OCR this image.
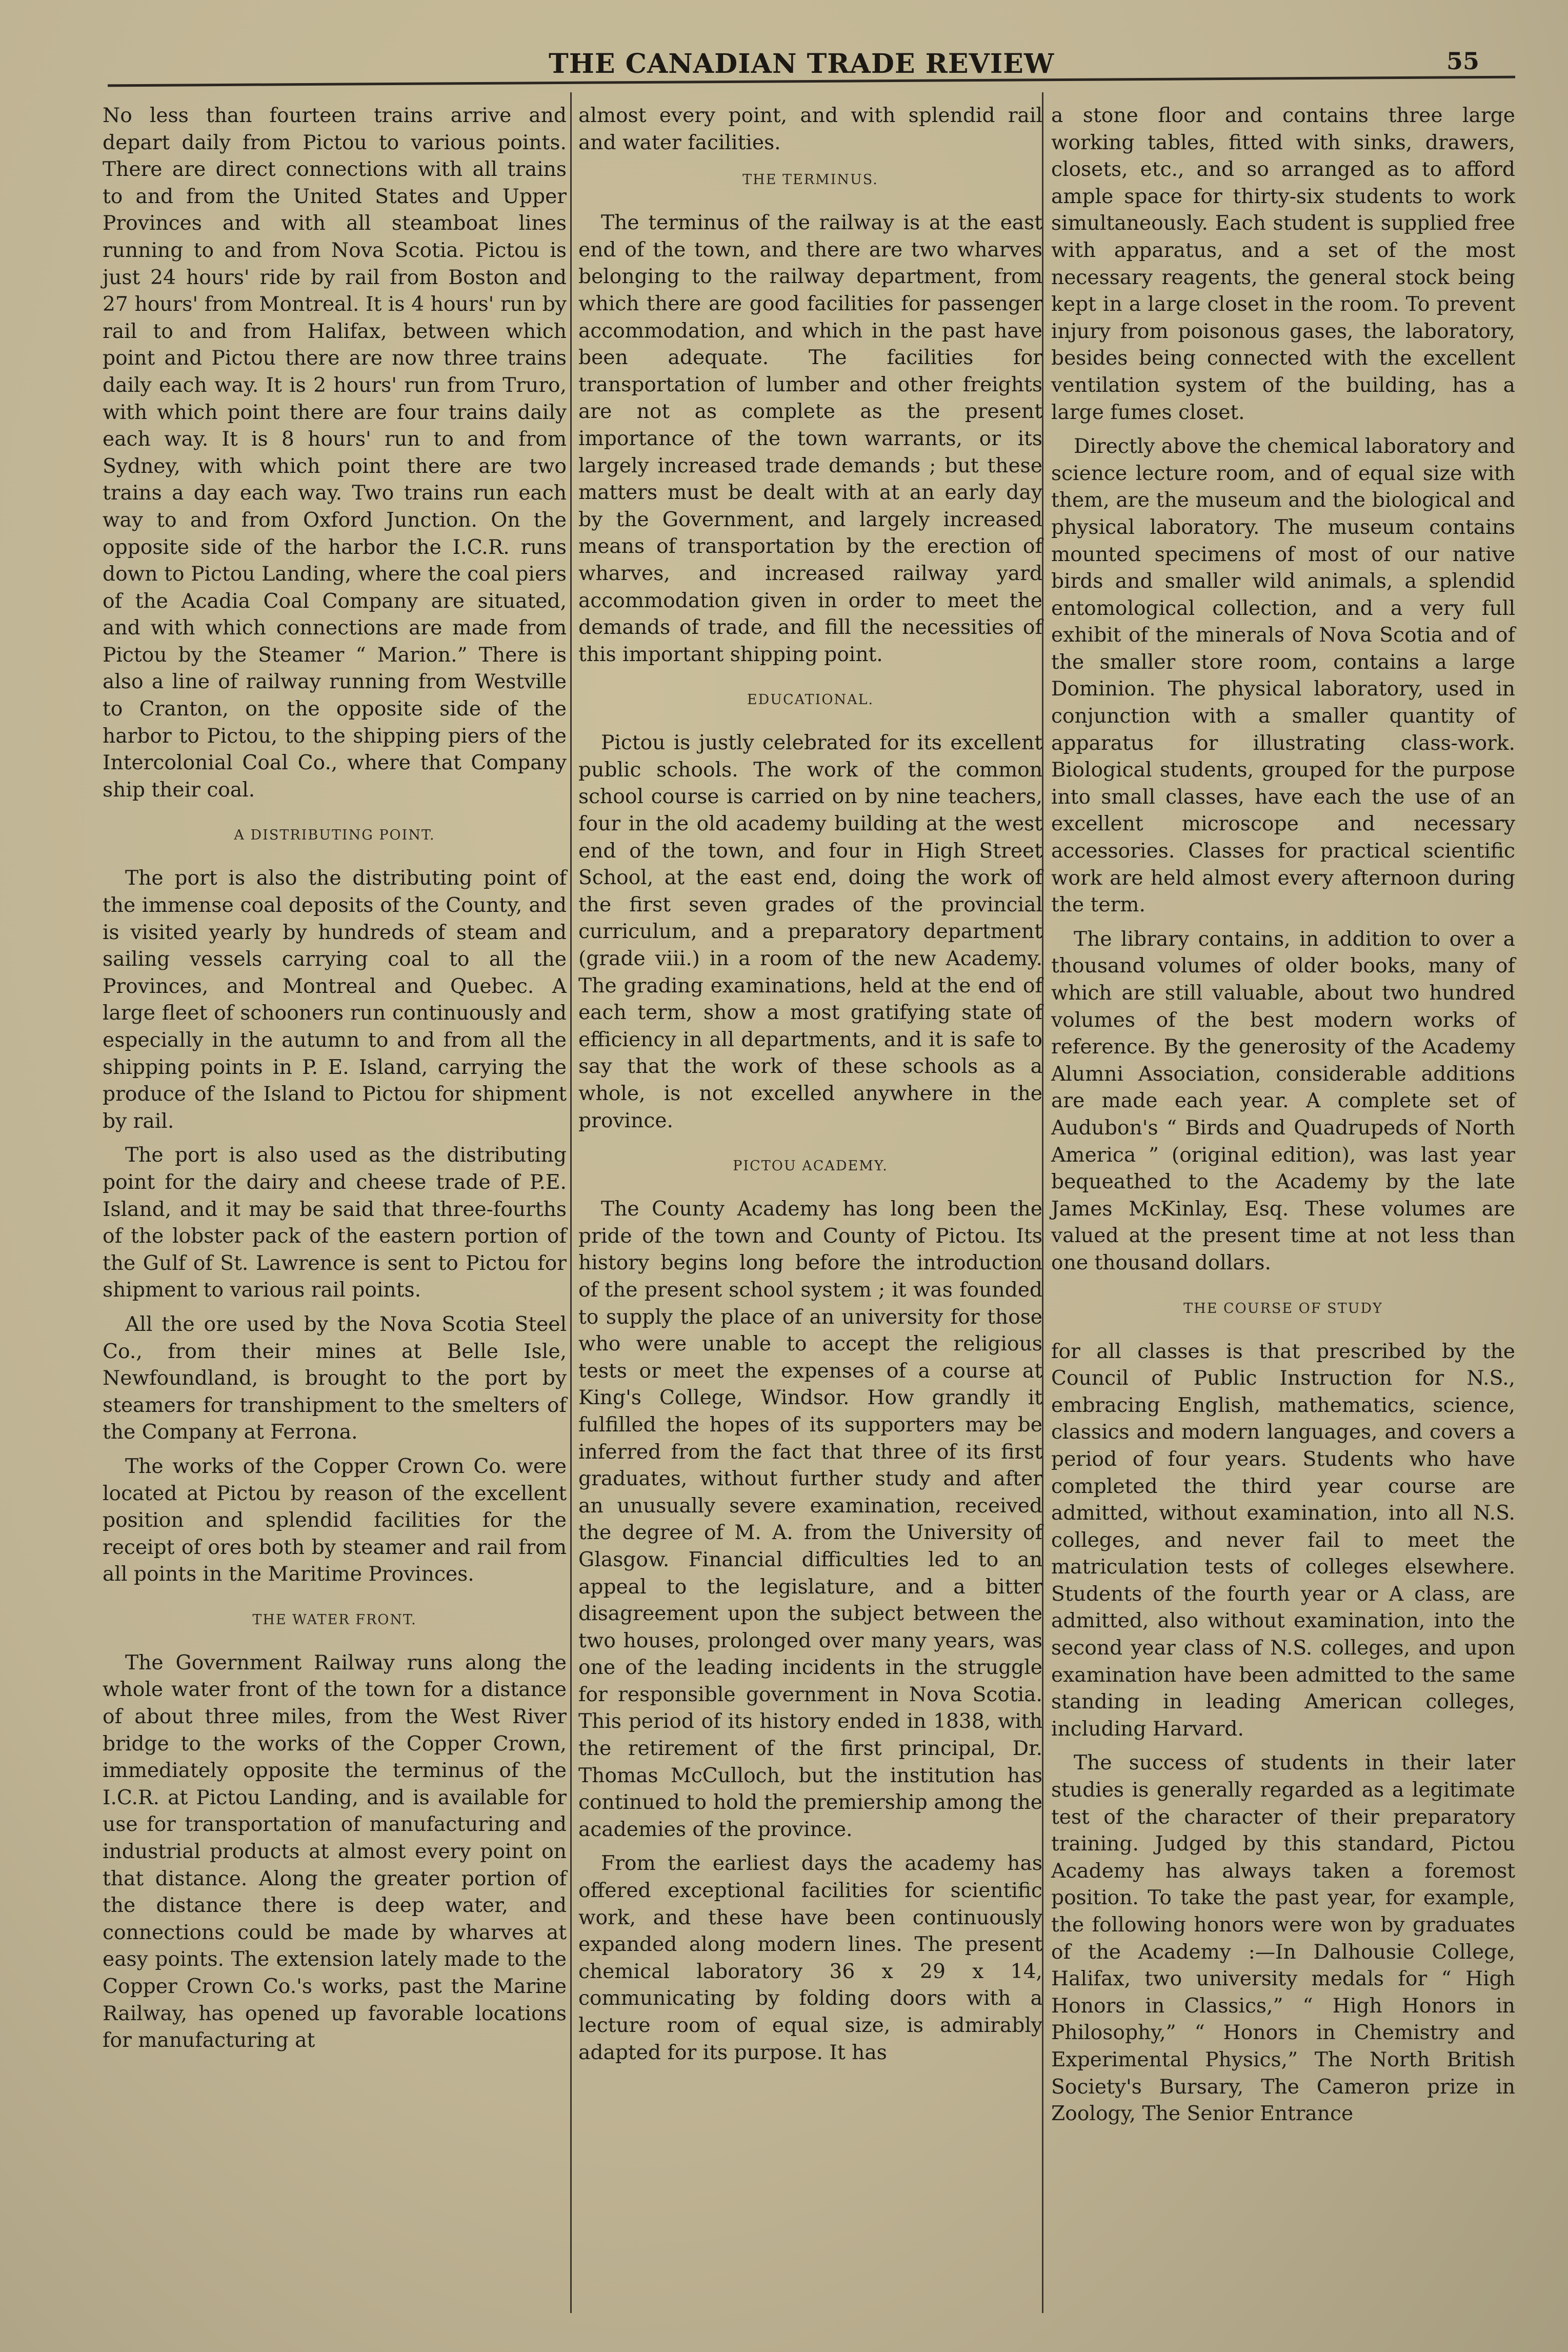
THE CANADIAN TRADE REVIEW	55

No less than fourteen trains arrive and depart daily from Pictou to various points. There are direct connections with all trains to and from the United States and Upper Provinces and with all steamboat lines running to and from Nova Scotia. Pictou is just 24 hours' ride by rail from Boston and 27 hours' from Montreal. It is 4 hours' run by rail to and from Halifax, between which point and Pictou there are now three trains daily each way. It is 2 hours' run from Truro, with which point there are four trains daily each way. It is 8 hours' run to and from Sydney, with which point there are two trains a day each way. Two trains run each way to and from Oxford Junction. On the opposite side of the harbor the I.C.R. runs down to Pictou Landing, where the coal piers of the Acadia Coal Company are situated, and with which connections are made from Pictou by the Steamer “ Marion.” There is also a line of railway running from Westville to Cranton, on the opposite side of the harbor to Pictou, to the shipping piers of the Intercolonial Coal Co., where that Company ship their coal.

A DISTRIBUTING POINT.

The port is also the distributing point of the immense coal deposits of the County, and is visited yearly by hundreds of steam and sailing vessels carrying coal to all the Provinces, and Montreal and Quebec. A large fleet of schooners run continuously and especially in the autumn to and from all the shipping points in P. E. Island, carrying the produce of the Island to Pictou for shipment by rail.

The port is also used as the distributing point for the dairy and cheese trade of P.E. Island, and it may be said that three-fourths of the lobster pack of the eastern portion of the Gulf of St. Lawrence is sent to Pictou for shipment to various rail points.

All the ore used by the Nova Scotia Steel Co., from their mines at Belle Isle, Newfoundland, is brought to the port by steamers for transhipment to the smelters of the Company at Ferrona.

The works of the Copper Crown Co. were located at Pictou by reason of the excellent position and splendid facilities for the receipt of ores both by steamer and rail from all points in the Maritime Provinces.

THE WATER FRONT.

The Government Railway runs along the whole water front of the town for a distance of about three miles, from the West River bridge to the works of the Copper Crown, immediately opposite the terminus of the I.C.R. at Pictou Landing, and is available for use for transportation of manufacturing and industrial products at almost every point on that distance. Along the greater portion of the distance there is deep water, and connections could be made by wharves at easy points. The extension lately made to the Copper Crown Co.'s works, past the Marine Railway, has opened up favorable locations for manufacturing at

almost every point, and with splendid rail and water facilities.

THE TERMINUS.

The terminus of the railway is at the east end of the town, and there are two wharves belonging to the railway department, from which there are good facilities for passenger accommodation, and which in the past have been adequate. The facilities for transportation of lumber and other freights are not as complete as the present importance of the town warrants, or its largely increased trade demands ; but these matters must be dealt with at an early day by the Government, and largely increased means of transportation by the erection of wharves, and increased railway yard accommodation given in order to meet the demands of trade, and fill the necessities of this important shipping point.

EDUCATIONAL.

Pictou is justly celebrated for its excellent public schools. The work of the common school course is carried on by nine teachers, four in the old academy building at the west end of the town, and four in High Street School, at the east end, doing the work of the first seven grades of the provincial curriculum, and a preparatory department (grade viii.) in a room of the new Academy. The grading examinations, held at the end of each term, show a most gratifying state of efficiency in all departments, and it is safe to say that the work of these schools as a whole, is not excelled anywhere in the province.

PICTOU ACADEMY.

The County Academy has long been the pride of the town and County of Pictou. Its history begins long before the introduction of the present school system ; it was founded to supply the place of an university for those who were unable to accept the religious tests or meet the expenses of a course at King's College, Windsor. How grandly it fulfilled the hopes of its supporters may be inferred from the fact that three of its first graduates, without further study and after an unusually severe examination, received the degree of M. A. from the University of Glasgow. Financial difficulties led to an appeal to the legislature, and a bitter disagreement upon the subject between the two houses, prolonged over many years, was one of the leading incidents in the struggle for responsible government in Nova Scotia. This period of its history ended in 1838, with the retirement of the first principal, Dr. Thomas McCulloch, but the institution has continued to hold the premiership among the academies of the province.

From the earliest days the academy has offered exceptional facilities for scientific work, and these have been continuously expanded along modern lines. The present chemical laboratory 36 x 29 x 14, communicating by folding doors with a lecture room of equal size, is admirably adapted for its purpose. It has

a stone floor and contains three large working tables, fitted with sinks, drawers, closets, etc., and so arranged as to afford ample space for thirty-six students to work simultaneously. Each student is supplied free with apparatus, and a set of the most necessary reagents, the general stock being kept in a large closet in the room. To prevent injury from poisonous gases, the laboratory, besides being connected with the excellent ventilation system of the building, has a large fumes closet.

Directly above the chemical laboratory and science lecture room, and of equal size with them, are the museum and the biological and physical laboratory. The museum contains mounted specimens of most of our native birds and smaller wild animals, a splendid entomological collection, and a very full exhibit of the minerals of Nova Scotia and of the smaller store room, contains a large Dominion. The physical laboratory, used in conjunction with a smaller quantity of apparatus for illustrating class-work. Biological students, grouped for the purpose into small classes, have each the use of an excellent microscope and necessary accessories. Classes for practical scientific work are held almost every afternoon during the term.

The library contains, in addition to over a thousand volumes of older books, many of which are still valuable, about two hundred volumes of the best modern works of reference. By the generosity of the Academy Alumni Association, considerable additions are made each year. A complete set of Audubon's “ Birds and Quadrupeds of North America ” (original edition), was last year bequeathed to the Academy by the late James McKinlay, Esq. These volumes are valued at the present time at not less than one thousand dollars.

THE COURSE OF STUDY

for all classes is that prescribed by the Council of Public Instruction for N.S., embracing English, mathematics, science, classics and modern languages, and covers a period of four years. Students who have completed the third year course are admitted, without examination, into all N.S. colleges, and never fail to meet the matriculation tests of colleges elsewhere. Students of the fourth year or A class, are admitted, also without examination, into the second year class of N.S. colleges, and upon examination have been admitted to the same standing in leading American colleges, including Harvard.

The success of students in their later studies is generally regarded as a legitimate test of the character of their preparatory training. Judged by this standard, Pictou Academy has always taken a foremost position. To take the past year, for example, the following honors were won by graduates of the Academy :—In Dalhousie College, Halifax, two university medals for “ High Honors in Classics,” “ High Honors in Philosophy,” “ Honors in Chemistry and Experimental Physics,” The North British Society's Bursary, The Cameron prize in Zoology, The Senior Entrance
